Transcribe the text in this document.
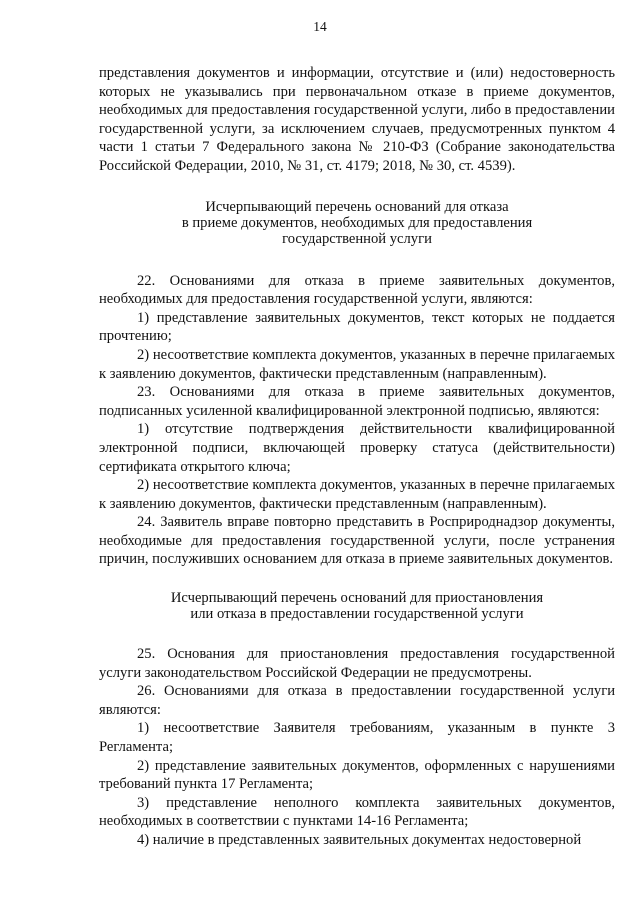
14

представления документов и информации, отсутствие и (или) недостоверность которых не указывались при первоначальном отказе в приеме документов, необходимых для предоставления государственной услуги, либо в предоставлении государственной услуги, за исключением случаев, предусмотренных пунктом 4 части 1 статьи 7 Федерального закона № 210-ФЗ (Собрание законодательства Российской Федерации, 2010, № 31, ст. 4179; 2018, № 30, ст. 4539).

Исчерпывающий перечень оснований для отказа
в приеме документов, необходимых для предоставления
государственной услуги

22. Основаниями для отказа в приеме заявительных документов, необходимых для предоставления государственной услуги, являются:

1) представление заявительных документов, текст которых не поддается прочтению;

2) несоответствие комплекта документов, указанных в перечне прилагаемых к заявлению документов, фактически представленным (направленным).

23. Основаниями для отказа в приеме заявительных документов, подписанных усиленной квалифицированной электронной подписью, являются:

1) отсутствие подтверждения действительности квалифицированной электронной подписи, включающей проверку статуса (действительности) сертификата открытого ключа;

2) несоответствие комплекта документов, указанных в перечне прилагаемых к заявлению документов, фактически представленным (направленным).

24. Заявитель вправе повторно представить в Росприроднадзор документы, необходимые для предоставления государственной услуги, после устранения причин, послуживших основанием для отказа в приеме заявительных документов.

Исчерпывающий перечень оснований для приостановления
или отказа в предоставлении государственной услуги

25. Основания для приостановления предоставления государственной услуги законодательством Российской Федерации не предусмотрены.

26. Основаниями для отказа в предоставлении государственной услуги являются:

1) несоответствие Заявителя требованиям, указанным в пункте 3 Регламента;

2) представление заявительных документов, оформленных с нарушениями требований пункта 17 Регламента;

3) представление неполного комплекта заявительных документов, необходимых в соответствии с пунктами 14-16 Регламента;

4) наличие в представленных заявительных документах недостоверной
